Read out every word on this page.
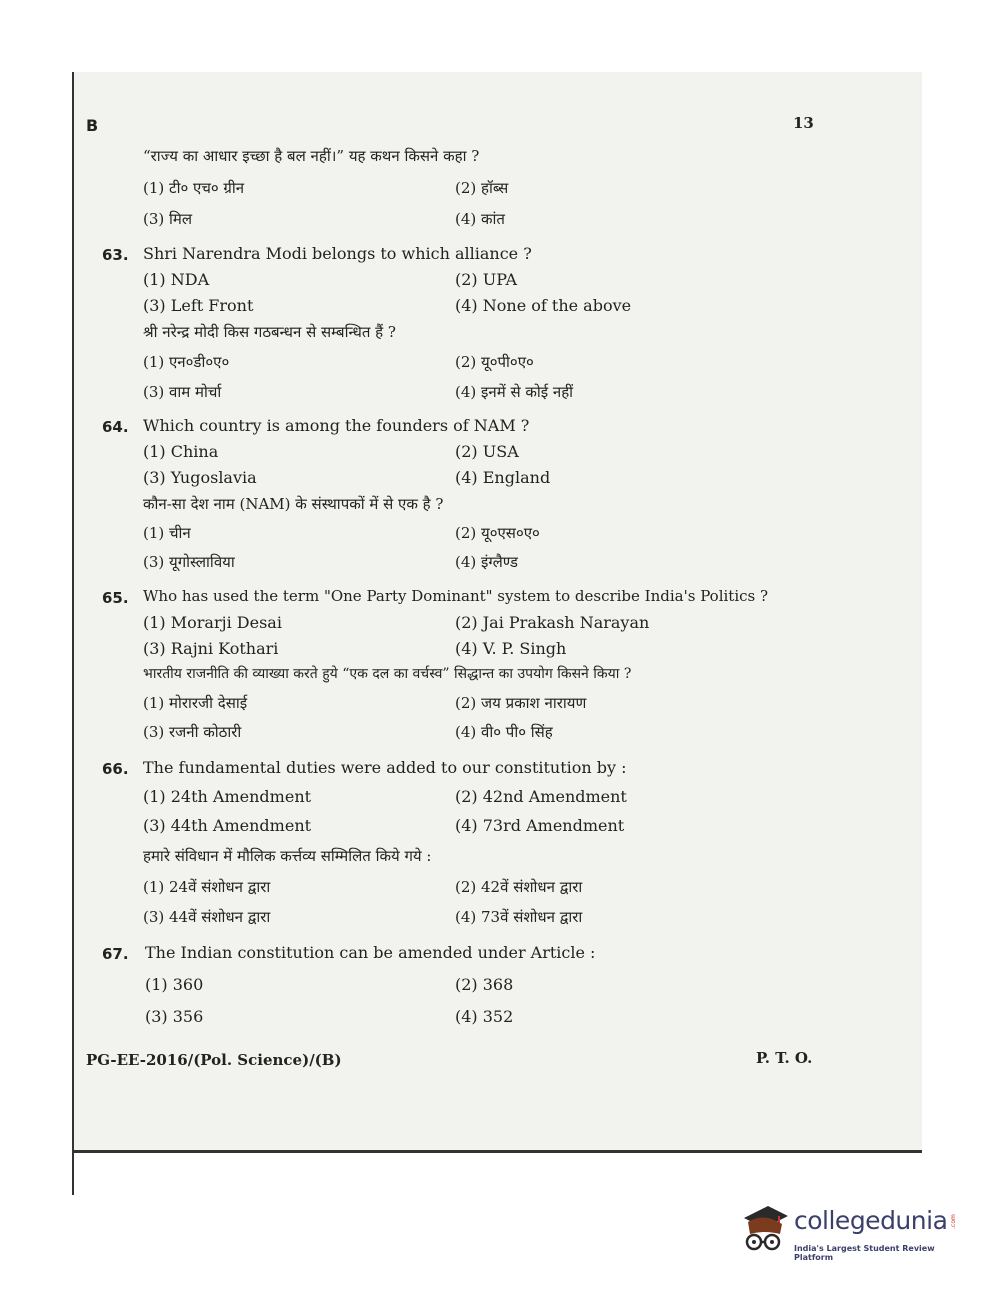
B	13
“राज्य का आधार इच्छा है बल नहीं।” यह कथन किसने कहा ?
(1) टी० एच० ग्रीन	(2) हॉब्स
(3) मिल	(4) कांत
63. Shri Narendra Modi belongs to which alliance ?
(1) NDA	(2) UPA
(3) Left Front	(4) None of the above
श्री नरेन्द्र मोदी किस गठबन्धन से सम्बन्धित हैं ?
(1) एन०डी०ए०	(2) यू०पी०ए०
(3) वाम मोर्चा	(4) इनमें से कोई नहीं
64. Which country is among the founders of NAM ?
(1) China	(2) USA
(3) Yugoslavia	(4) England
कौन-सा देश नाम (NAM) के संस्थापकों में से एक है ?
(1) चीन	(2) यू०एस०ए०
(3) यूगोस्लाविया	(4) इंग्लैण्ड
65. Who has used the term "One Party Dominant" system to describe India's Politics ?
(1) Morarji Desai	(2) Jai Prakash Narayan
(3) Rajni Kothari	(4) V. P. Singh
भारतीय राजनीति की व्याख्या करते हुये “एक दल का वर्चस्व” सिद्धान्त का उपयोग किसने किया ?
(1) मोरारजी देसाई	(2) जय प्रकाश नारायण
(3) रजनी कोठारी	(4) वी० पी० सिंह
66. The fundamental duties were added to our constitution by :
(1) 24th Amendment	(2) 42nd Amendment
(3) 44th Amendment	(4) 73rd Amendment
हमारे संविधान में मौलिक कर्त्तव्य सम्मिलित किये गये :
(1) 24वें संशोधन द्वारा	(2) 42वें संशोधन द्वारा
(3) 44वें संशोधन द्वारा	(4) 73वें संशोधन द्वारा
67. The Indian constitution can be amended under Article :
(1) 360	(2) 368
(3) 356	(4) 352
PG-EE-2016/(Pol. Science)/(B)	P. T. O.
collegedunia .com
India's Largest Student Review Platform
